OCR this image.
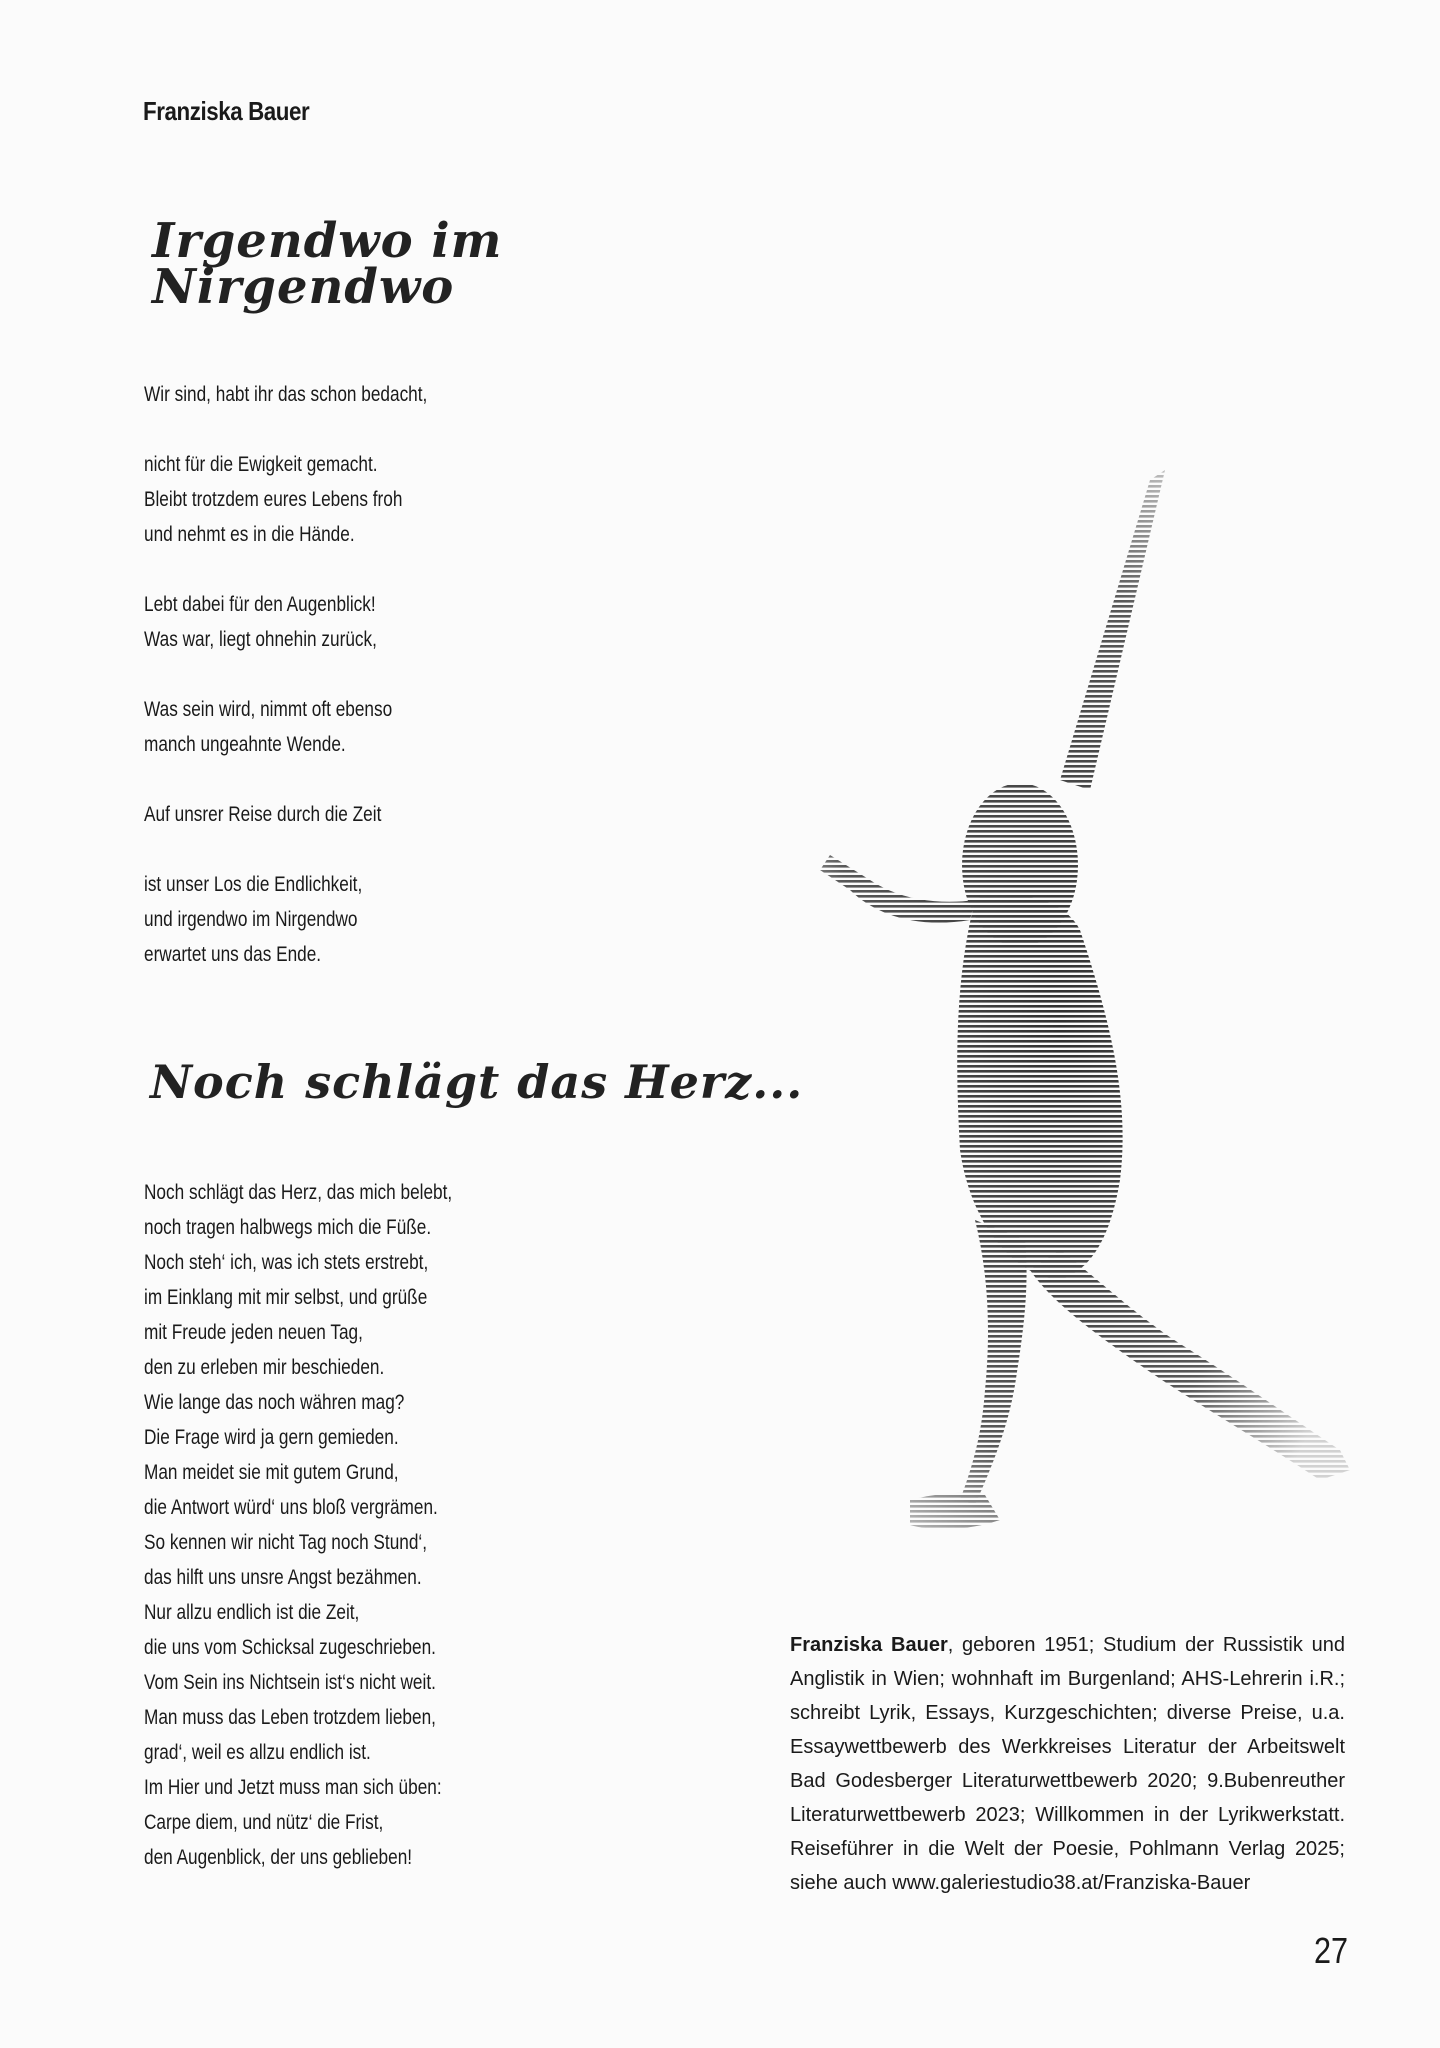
Franziska Bauer
Irgendwo im Nirgendwo
Wir sind, habt ihr das schon bedacht,
nicht für die Ewigkeit gemacht.
Bleibt trotzdem eures Lebens froh
und nehmt es in die Hände.
Lebt dabei für den Augenblick!
Was war, liegt ohnehin zurück,
Was sein wird, nimmt oft ebenso
manch ungeahnte Wende.
Auf unsrer Reise durch die Zeit
ist unser Los die Endlichkeit,
und irgendwo im Nirgendwo
erwartet uns das Ende.
Noch schlägt das Herz...
Noch schlägt das Herz, das mich belebt,
noch tragen halbwegs mich die Füße.
Noch steh‘ ich, was ich stets erstrebt,
im Einklang mit mir selbst, und grüße
mit Freude jeden neuen Tag,
den zu erleben mir beschieden.
Wie lange das noch währen mag?
Die Frage wird ja gern gemieden.
Man meidet sie mit gutem Grund,
die Antwort würd‘ uns bloß vergrämen.
So kennen wir nicht Tag noch Stund‘,
das hilft uns unsre Angst bezähmen.
Nur allzu endlich ist die Zeit,
die uns vom Schicksal zugeschrieben.
Vom Sein ins Nichtsein ist‘s nicht weit.
Man muss das Leben trotzdem lieben,
grad‘, weil es allzu endlich ist.
Im Hier und Jetzt muss man sich üben:
Carpe diem, und nütz‘ die Frist,
den Augenblick, der uns geblieben!
Franziska Bauer, geboren 1951; Studium der Russistik und Anglistik in Wien; wohnhaft im Burgenland; AHS-Lehrerin i.R.; schreibt Lyrik, Essays, Kurzgeschichten; diverse Preise, u.a. Essaywettbewerb des Werkkreises Literatur der Arbeitswelt Bad Godesberger Literaturwettbewerb 2020; 9.Bubenreuther Literaturwettbewerb 2023; Willkommen in der Lyrikwerkstatt. Reiseführer in die Welt der Poesie, Pohlmann Verlag 2025; siehe auch www.galeriestudio38.at/Franziska-Bauer
27
